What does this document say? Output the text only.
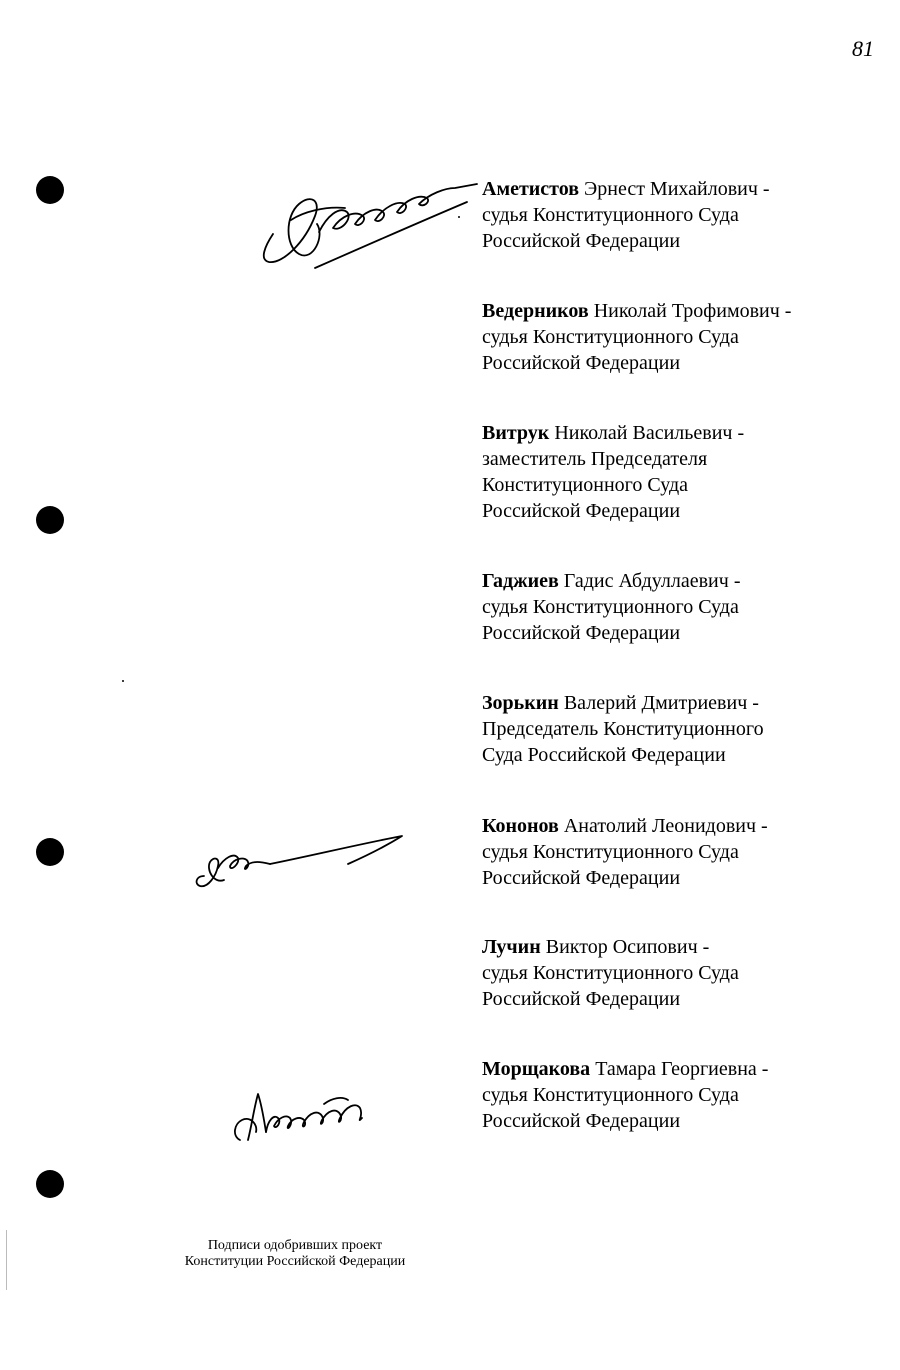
81
Аметистов Эрнест Михайлович -
судья Конституционного Суда
Российской Федерации
Ведерников Николай Трофимович -
судья Конституционного Суда
Российской Федерации
Витрук Николай Васильевич -
заместитель Председателя
Конституционного Суда
Российской Федерации
Гаджиев Гадис Абдуллаевич -
судья Конституционного Суда
Российской Федерации
Зорькин Валерий Дмитриевич -
Председатель Конституционного
Суда Российской Федерации
Кононов Анатолий Леонидович -
судья Конституционного Суда
Российской Федерации
Лучин Виктор Осипович -
судья Конституционного Суда
Российской Федерации
Морщакова Тамара Георгиевна -
судья Конституционного Суда
Российской Федерации
Подписи одобривших проект
Конституции Российской Федерации
